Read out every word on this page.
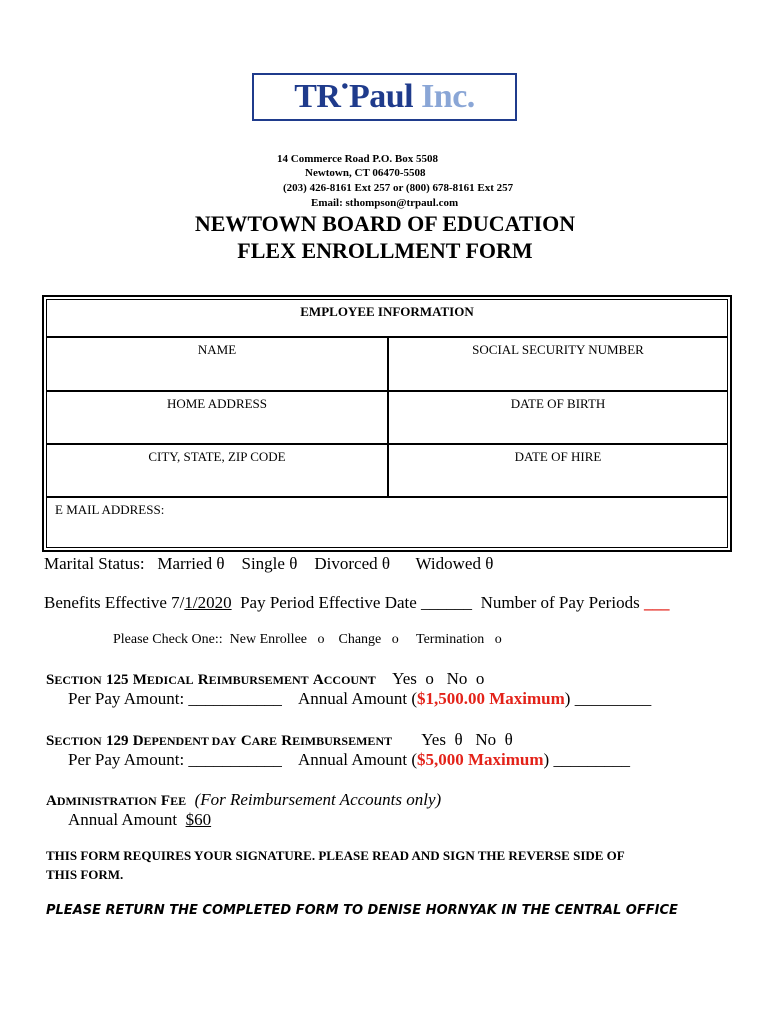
TR • Paul Inc.
14 Commerce Road P.O. Box 5508
Newtown, CT 06470-5508
(203) 426-8161 Ext 257 or (800) 678-8161 Ext 257
Email: sthompson@trpaul.com
NEWTOWN BOARD OF EDUCATION
FLEX ENROLLMENT FORM
EMPLOYEE INFORMATION
NAME	SOCIAL SECURITY NUMBER
HOME ADDRESS	DATE OF BIRTH
CITY, STATE, ZIP CODE	DATE OF HIRE
E MAIL ADDRESS:
Marital Status: Married θ Single θ Divorced θ Widowed θ
Benefits Effective 7/1/2020 Pay Period Effective Date ______ Number of Pay Periods ___
Please Check One:: New Enrollee o Change o Termination o
SECTION 125 MEDICAL REIMBURSEMENT ACCOUNT Yes o No o
Per Pay Amount: ___________ Annual Amount ($1,500.00 Maximum) _________
SECTION 129 DEPENDENT DAY CARE REIMBURSEMENT Yes θ No θ
Per Pay Amount: ___________ Annual Amount ($5,000 Maximum) _________
ADMINISTRATION FEE (For Reimbursement Accounts only)
Annual Amount $60
THIS FORM REQUIRES YOUR SIGNATURE. PLEASE READ AND SIGN THE REVERSE SIDE OF
THIS FORM.
PLEASE RETURN THE COMPLETED FORM TO DENISE HORNYAK IN THE CENTRAL OFFICE
